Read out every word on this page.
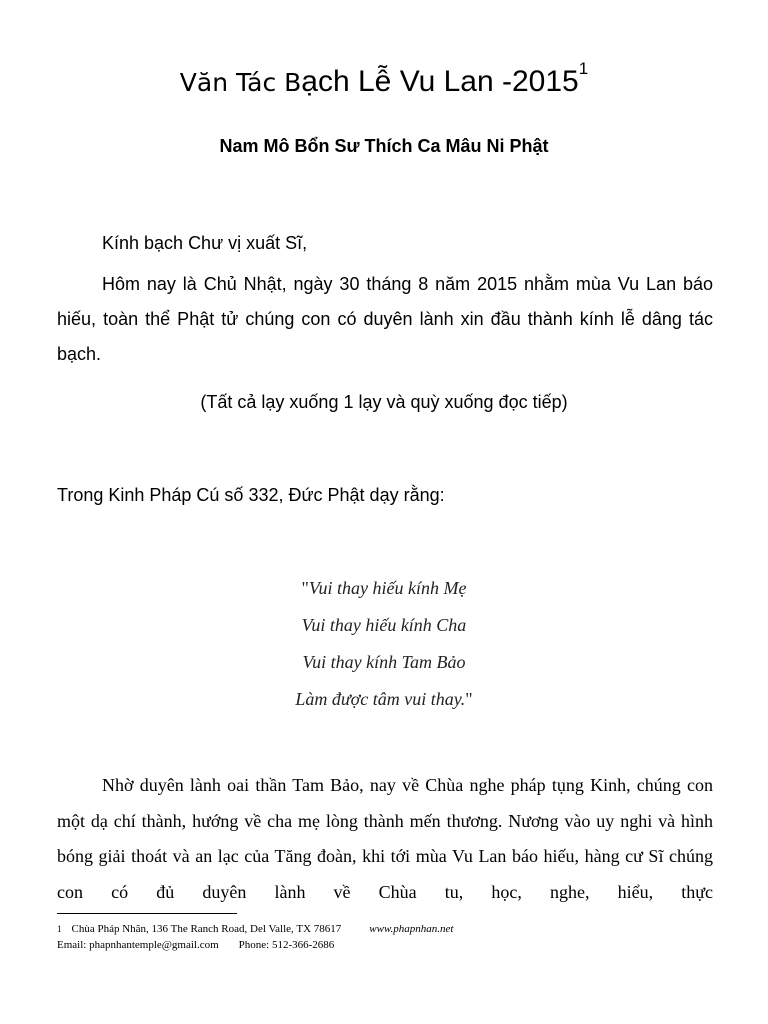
Văn Tác Bạch Lễ Vu Lan -2015$^1$
Nam Mô Bổn Sư Thích Ca Mâu Ni Phật
Kính bạch Chư vị xuất Sĩ,
Hôm nay là Chủ Nhật, ngày 30 tháng 8 năm 2015 nhằm mùa Vu Lan báo hiếu, toàn thể Phật tử chúng con có duyên lành xin đầu thành kính lễ dâng tác bạch.
(Tất cả lạy xuống 1 lạy và quỳ xuống đọc tiếp)
Trong Kinh Pháp Cú số 332, Đức Phật dạy rằng:
"Vui thay hiếu kính Mẹ
Vui thay hiếu kính Cha
Vui thay kính Tam Bảo
Làm được tâm vui thay."
Nhờ duyên lành oai thần Tam Bảo, nay về Chùa nghe pháp tụng Kinh, chúng con một dạ chí thành, hướng về cha mẹ lòng thành mến thương. Nương vào uy nghi và hình bóng giải thoát và an lạc của Tăng đoàn, khi tới mùa Vu Lan báo hiếu, hàng cư Sĩ chúng con có đủ duyên lành về Chùa tu, học, nghe, hiểu, thực
$^1$ Chùa Pháp Nhãn, 136 The Ranch Road, Del Valle, TX 78617	www.phapnhan.net
Email: phapnhantemple@gmail.com Phone: 512-366-2686
